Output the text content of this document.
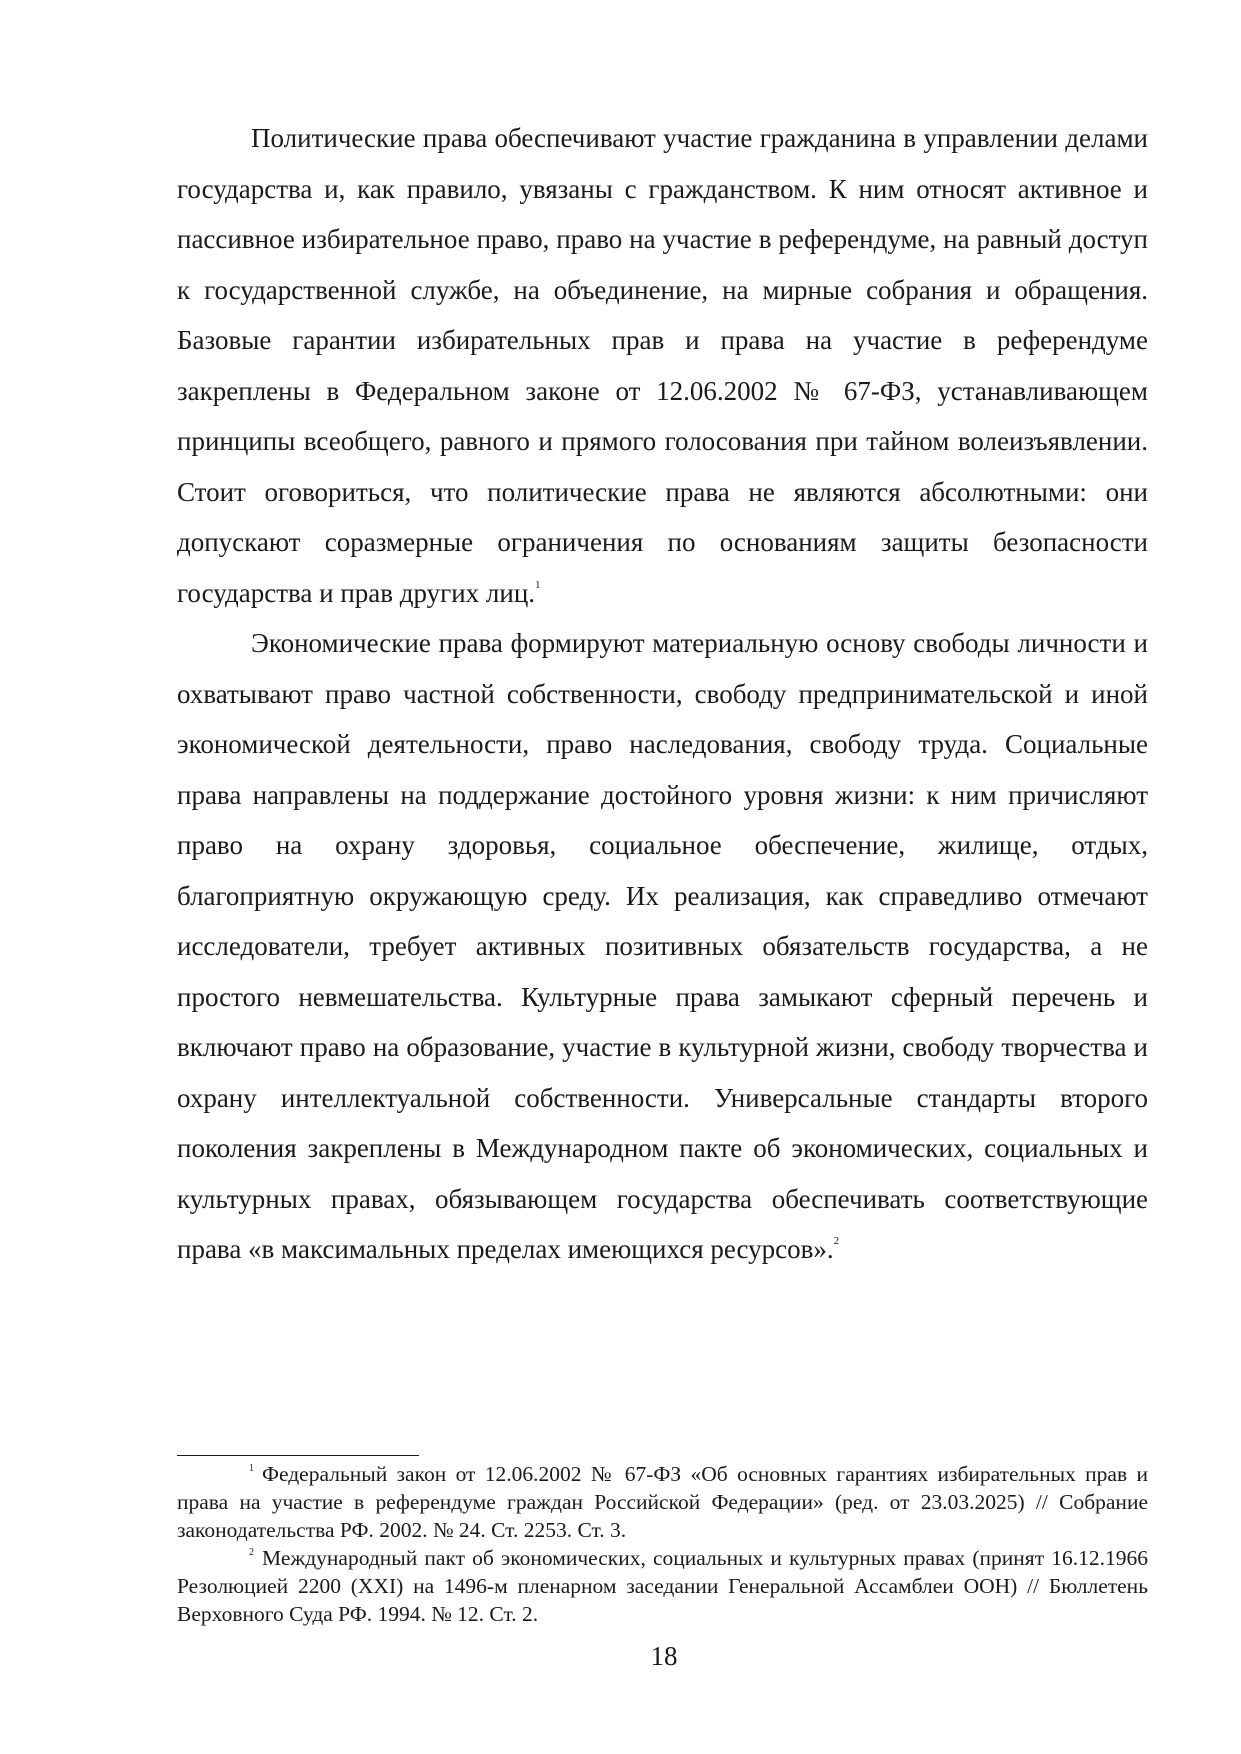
Политические права обеспечивают участие гражданина в управлении делами государства и, как правило, увязаны с гражданством. К ним относят активное и пассивное избирательное право, право на участие в референдуме, на равный доступ к государственной службе, на объединение, на мирные собрания и обращения. Базовые гарантии избирательных прав и права на участие в референдуме закреплены в Федеральном законе от 12.06.2002 № 67-ФЗ, устанавливающем принципы всеобщего, равного и прямого голосования при тайном волеизъявлении. Стоит оговориться, что политические права не являются абсолютными: они допускают соразмерные ограничения по основаниям защиты безопасности государства и прав других лиц.$^1$

Экономические права формируют материальную основу свободы личности и охватывают право частной собственности, свободу предпринимательской и иной экономической деятельности, право наследования, свободу труда. Социальные права направлены на поддержание достойного уровня жизни: к ним причисляют право на охрану здоровья, социальное обеспечение, жилище, отдых, благоприятную окружающую среду. Их реализация, как справедливо отмечают исследователи, требует активных позитивных обязательств государства, а не простого невмешательства. Культурные права замыкают сферный перечень и включают право на образование, участие в культурной жизни, свободу творчества и охрану интеллектуальной собственности. Универсальные стандарты второго поколения закреплены в Международном пакте об экономических, социальных и культурных правах, обязывающем государства обеспечивать соответствующие права «в максимальных пределах имеющихся ресурсов».$^2$

$^1$ Федеральный закон от 12.06.2002 № 67-ФЗ «Об основных гарантиях избирательных прав и права на участие в референдуме граждан Российской Федерации» (ред. от 23.03.2025) // Собрание законодательства РФ. 2002. № 24. Ст. 2253. Ст. 3.

$^2$ Международный пакт об экономических, социальных и культурных правах (принят 16.12.1966 Резолюцией 2200 (XXI) на 1496-м пленарном заседании Генеральной Ассамблеи ООН) // Бюллетень Верховного Суда РФ. 1994. № 12. Ст. 2.

18
